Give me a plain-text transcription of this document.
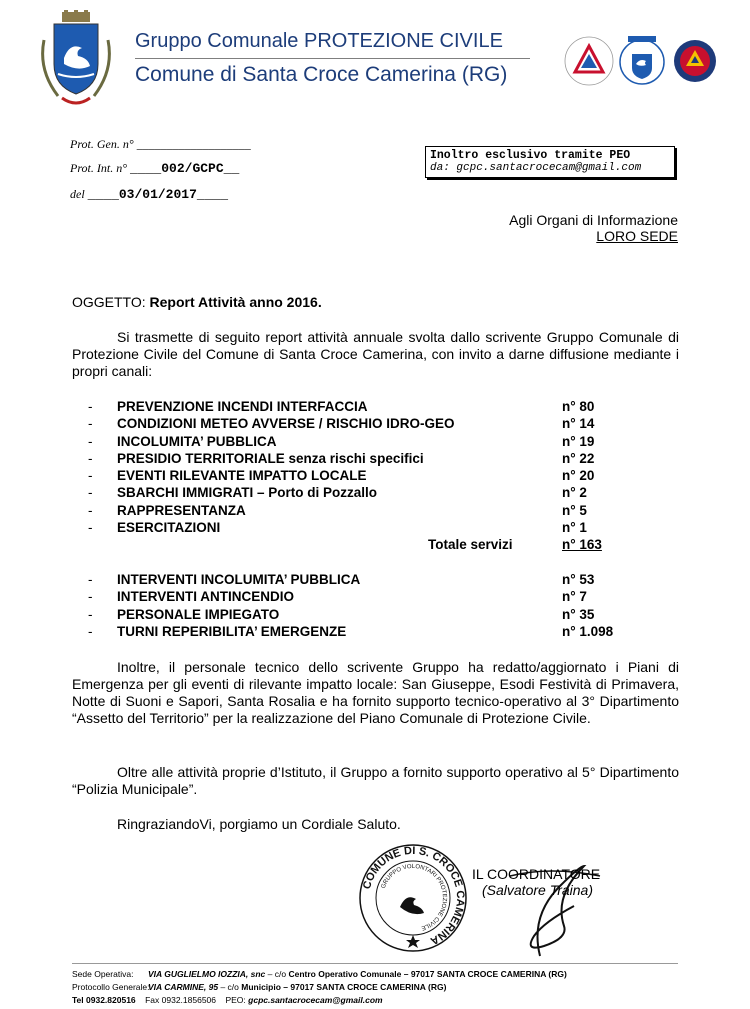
Gruppo Comunale PROTEZIONE CIVILE
Comune di Santa Croce Camerina (RG)
Prot. Gen. n° ___________________
Prot. Int. n° ____002/GCPC__
del ____03/01/2017____
Inoltro esclusivo tramite PEO
da: gcpc.santacrocecam@gmail.com
Agli Organi di Informazione
LORO SEDE
OGGETTO: Report Attività anno 2016.
Si trasmette di seguito report attività annuale svolta dallo scrivente Gruppo Comunale di Protezione Civile del Comune di Santa Croce Camerina, con invito a darne diffusione mediante i propri canali:
-	PREVENZIONE INCENDI INTERFACCIA	n° 80
-	CONDIZIONI METEO AVVERSE / RISCHIO IDRO-GEO	n° 14
-	INCOLUMITA’ PUBBLICA	n° 19
-	PRESIDIO TERRITORIALE senza rischi specifici	n° 22
-	EVENTI RILEVANTE IMPATTO LOCALE	n° 20
-	SBARCHI IMMIGRATI – Porto di Pozzallo	n° 2
-	RAPPRESENTANZA	n° 5
-	ESERCITAZIONI	n° 1
Totale servizi	n° 163
-	INTERVENTI INCOLUMITA’ PUBBLICA	n° 53
-	INTERVENTI ANTINCENDIO	n° 7
-	PERSONALE IMPIEGATO	n° 35
-	TURNI REPERIBILITA’ EMERGENZE	n° 1.098
Inoltre, il personale tecnico dello scrivente Gruppo ha redatto/aggiornato i Piani di Emergenza per gli eventi di rilevante impatto locale: San Giuseppe, Esodi Festività di Primavera, Notte di Suoni e Sapori, Santa Rosalia e ha fornito supporto tecnico-operativo al 3° Dipartimento “Assetto del Territorio” per la realizzazione del Piano Comunale di Protezione Civile.
Oltre alle attività proprie d’Istituto, il Gruppo a fornito supporto operativo al 5° Dipartimento “Polizia Municipale”.
RingraziandoVi, porgiamo un Cordiale Saluto.
COMUNE DI S. CROCE CAMERINA
GRUPPO VOLONTARI PROTEZIONE CIVILE
IL COORDINATORE
(Salvatore Traina)
Sede Operativa: VIA GUGLIELMO IOZZIA, snc – c/o Centro Operativo Comunale – 97017 SANTA CROCE CAMERINA (RG)
Protocollo Generale:VIA CARMINE, 95 – c/o Municipio – 97017 SANTA CROCE CAMERINA (RG)
Tel 0932.820516 Fax 0932.1856506 PEO: gcpc.santacrocecam@gmail.com
